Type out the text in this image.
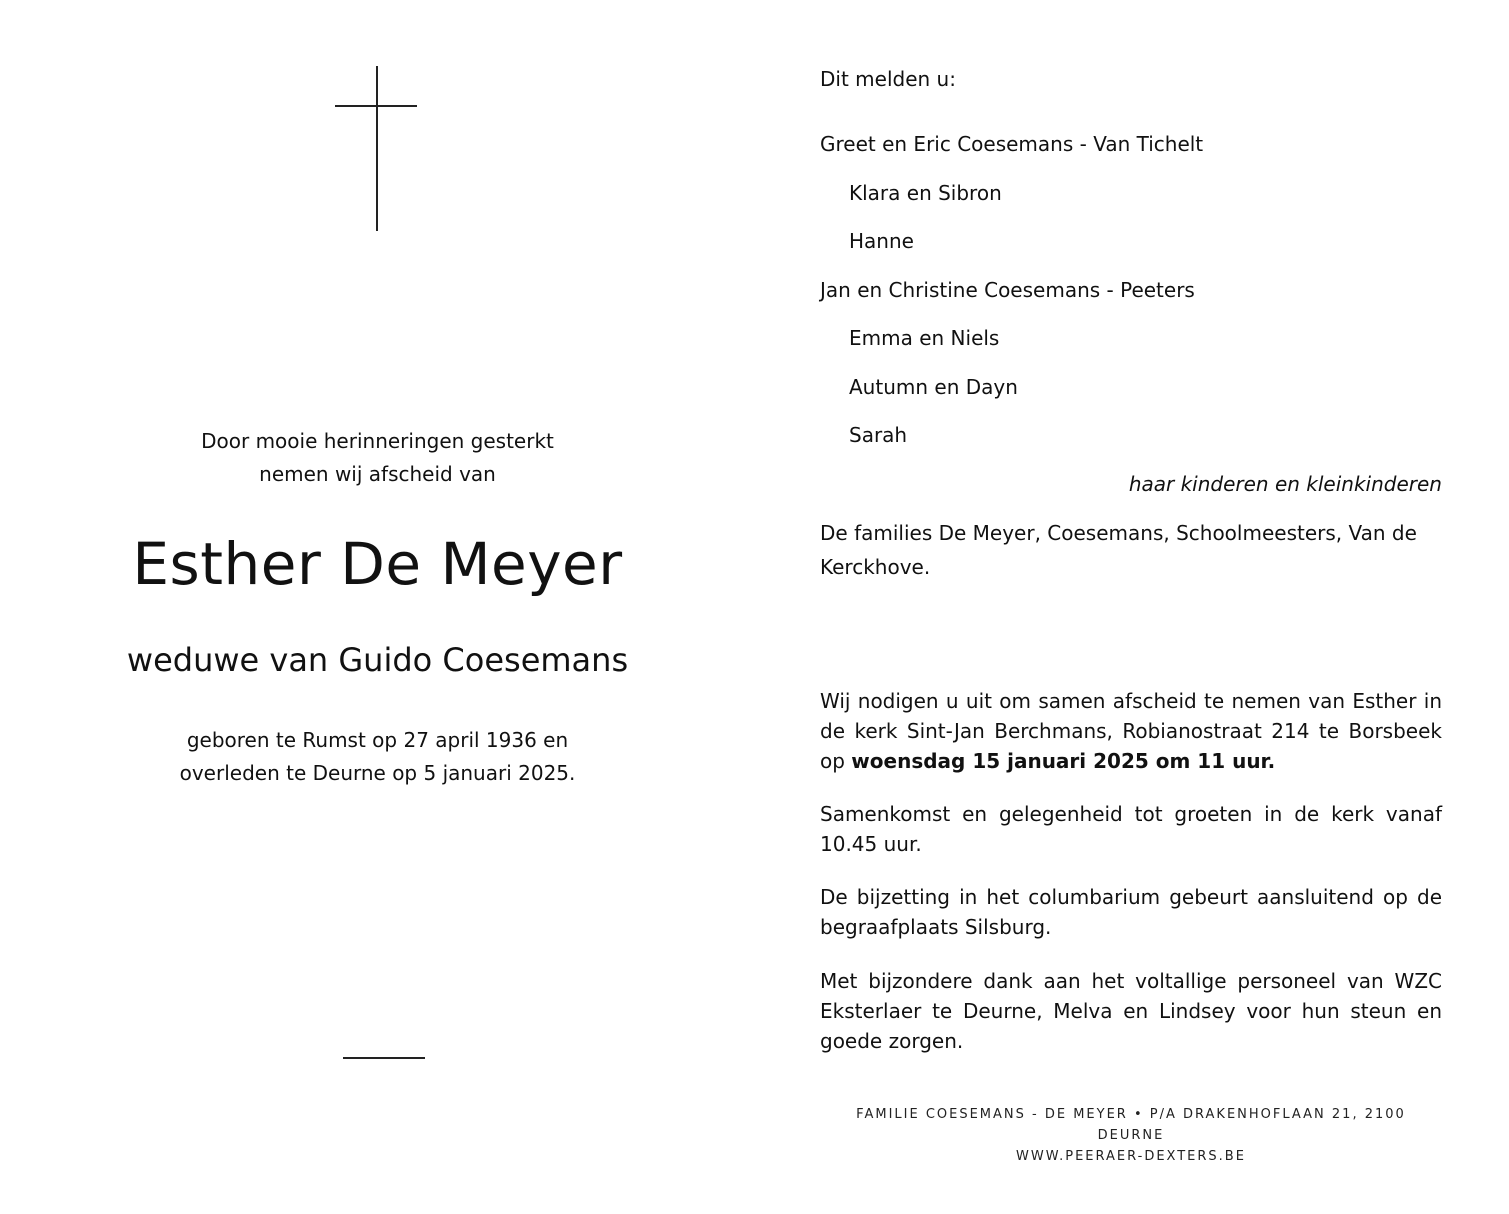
Door mooie herinneringen gesterkt
nemen wij afscheid van
Esther De Meyer
weduwe van Guido Coesemans
geboren te Rumst op 27 april 1936 en
overleden te Deurne op 5 januari 2025.
Dit melden u:
Greet en Eric Coesemans - Van Tichelt
Klara en Sibron
Hanne
Jan en Christine Coesemans - Peeters
Emma en Niels
Autumn en Dayn
Sarah
haar kinderen en kleinkinderen
De families De Meyer, Coesemans, Schoolmeesters, Van de
Kerckhove.
Wij nodigen u uit om samen afscheid te nemen van Esther in de kerk Sint-Jan Berchmans, Robianostraat 214 te Borsbeek op woensdag 15 januari 2025 om 11 uur.
Samenkomst en gelegenheid tot groeten in de kerk vanaf 10.45 uur.
De bijzetting in het columbarium gebeurt aansluitend op de begraafplaats Silsburg.
Met bijzondere dank aan het voltallige personeel van WZC Eksterlaer te Deurne, Melva en Lindsey voor hun steun en goede zorgen.
FAMILIE COESEMANS - DE MEYER • P/A DRAKENHOFLAAN 21, 2100 DEURNE
WWW.PEERAER-DEXTERS.BE
